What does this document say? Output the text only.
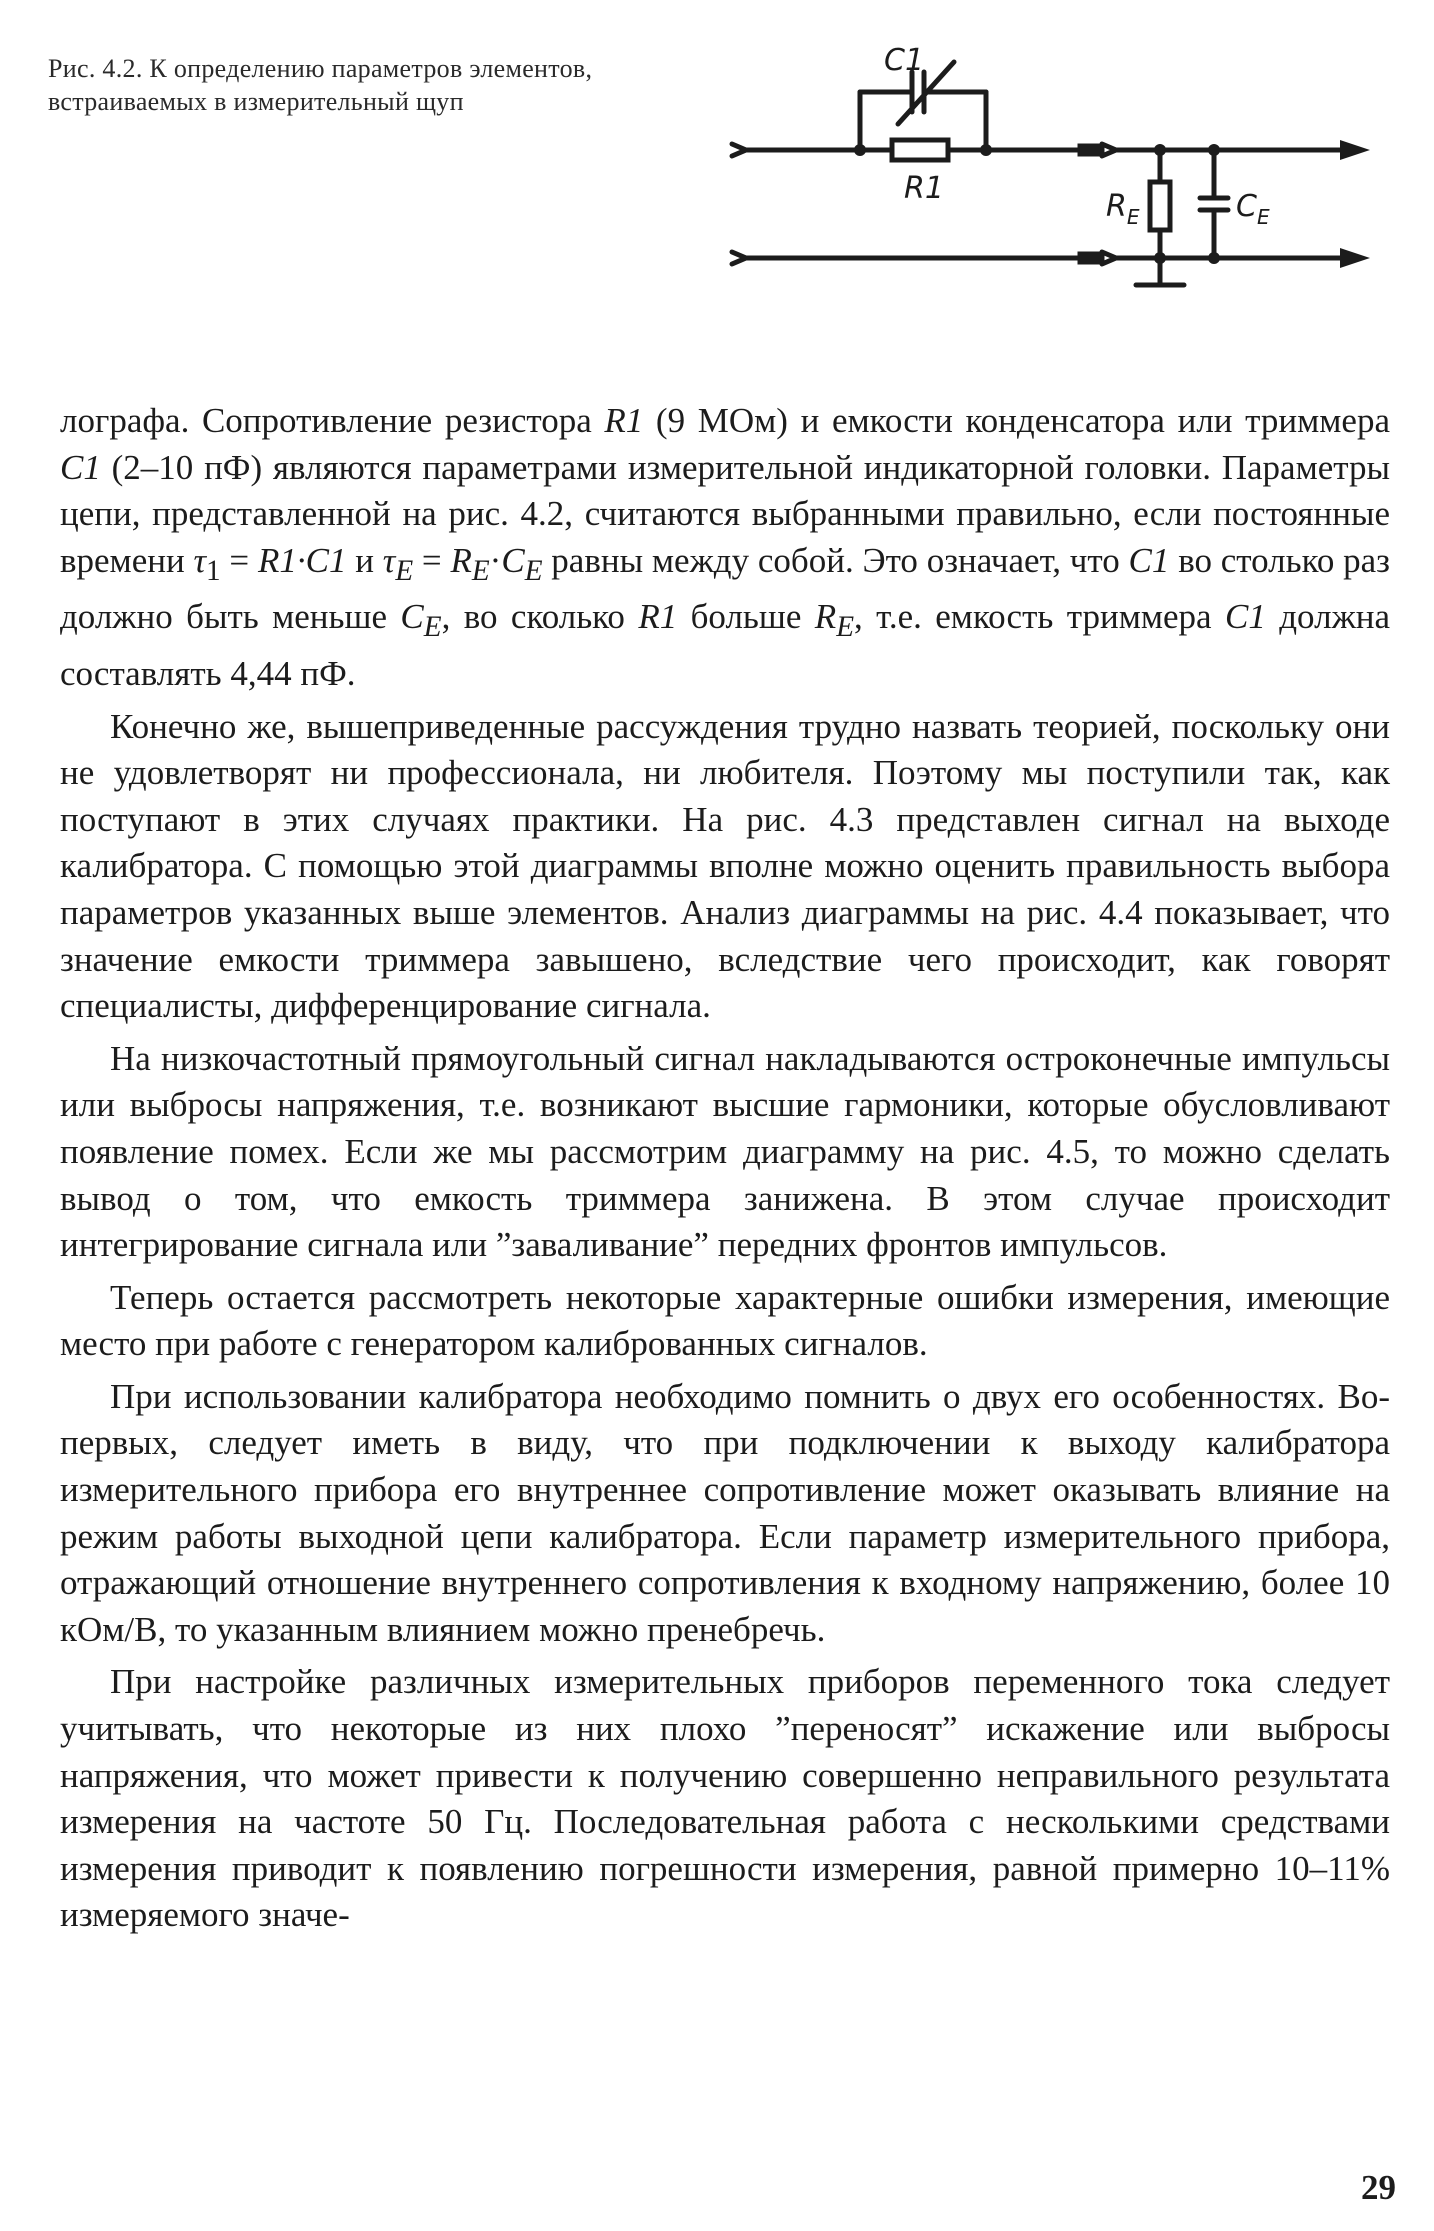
Рис. 4.2. К определению параметров элементов, встраиваемых в измерительный щуп
C1
R1
$R_E$	$C_E$

лографа. Сопротивление резистора R1 (9 МОм) и емкости конденсатора или триммера C1 (2–10 пФ) являются параметрами измерительной индикаторной головки. Параметры цепи, представленной на рис. 4.2, считаются выбранными правильно, если постоянные времени $\tau_1 = R1\cdot C1$ и $\tau_E = R_E\cdot C_E$ равны между собой. Это означает, что C1 во столько раз должно быть меньше $C_E$, во сколько R1 больше $R_E$, т.е. емкость триммера C1 должна составлять 4,44 пФ.

Конечно же, вышеприведенные рассуждения трудно назвать теорией, поскольку они не удовлетворят ни профессионала, ни любителя. Поэтому мы поступили так, как поступают в этих случаях практики. На рис. 4.3 представлен сигнал на выходе калибратора. С помощью этой диаграммы вполне можно оценить правильность выбора параметров указанных выше элементов. Анализ диаграммы на рис. 4.4 показывает, что значение емкости триммера завышено, вследствие чего происходит, как говорят специалисты, дифференцирование сигнала.

На низкочастотный прямоугольный сигнал накладываются остроконечные импульсы или выбросы напряжения, т.е. возникают высшие гармоники, которые обусловливают появление помех. Если же мы рассмотрим диаграмму на рис. 4.5, то можно сделать вывод о том, что емкость триммера занижена. В этом случае происходит интегрирование сигнала или ”заваливание” передних фронтов импульсов.

Теперь остается рассмотреть некоторые характерные ошибки измерения, имеющие место при работе с генератором калиброванных сигналов.

При использовании калибратора необходимо помнить о двух его особенностях. Во-первых, следует иметь в виду, что при подключении к выходу калибратора измерительного прибора его внутреннее сопротивление может оказывать влияние на режим работы выходной цепи калибратора. Если параметр измерительного прибора, отражающий отношение внутреннего сопротивления к входному напряжению, более 10 кОм/В, то указанным влиянием можно пренебречь.

При настройке различных измерительных приборов переменного тока следует учитывать, что некоторые из них плохо ”переносят” искажение или выбросы напряжения, что может привести к получению совершенно неправильного результата измерения на частоте 50 Гц. Последовательная работа с несколькими средствами измерения приводит к появлению погрешности измерения, равной примерно 10–11% измеряемого значе-

29
